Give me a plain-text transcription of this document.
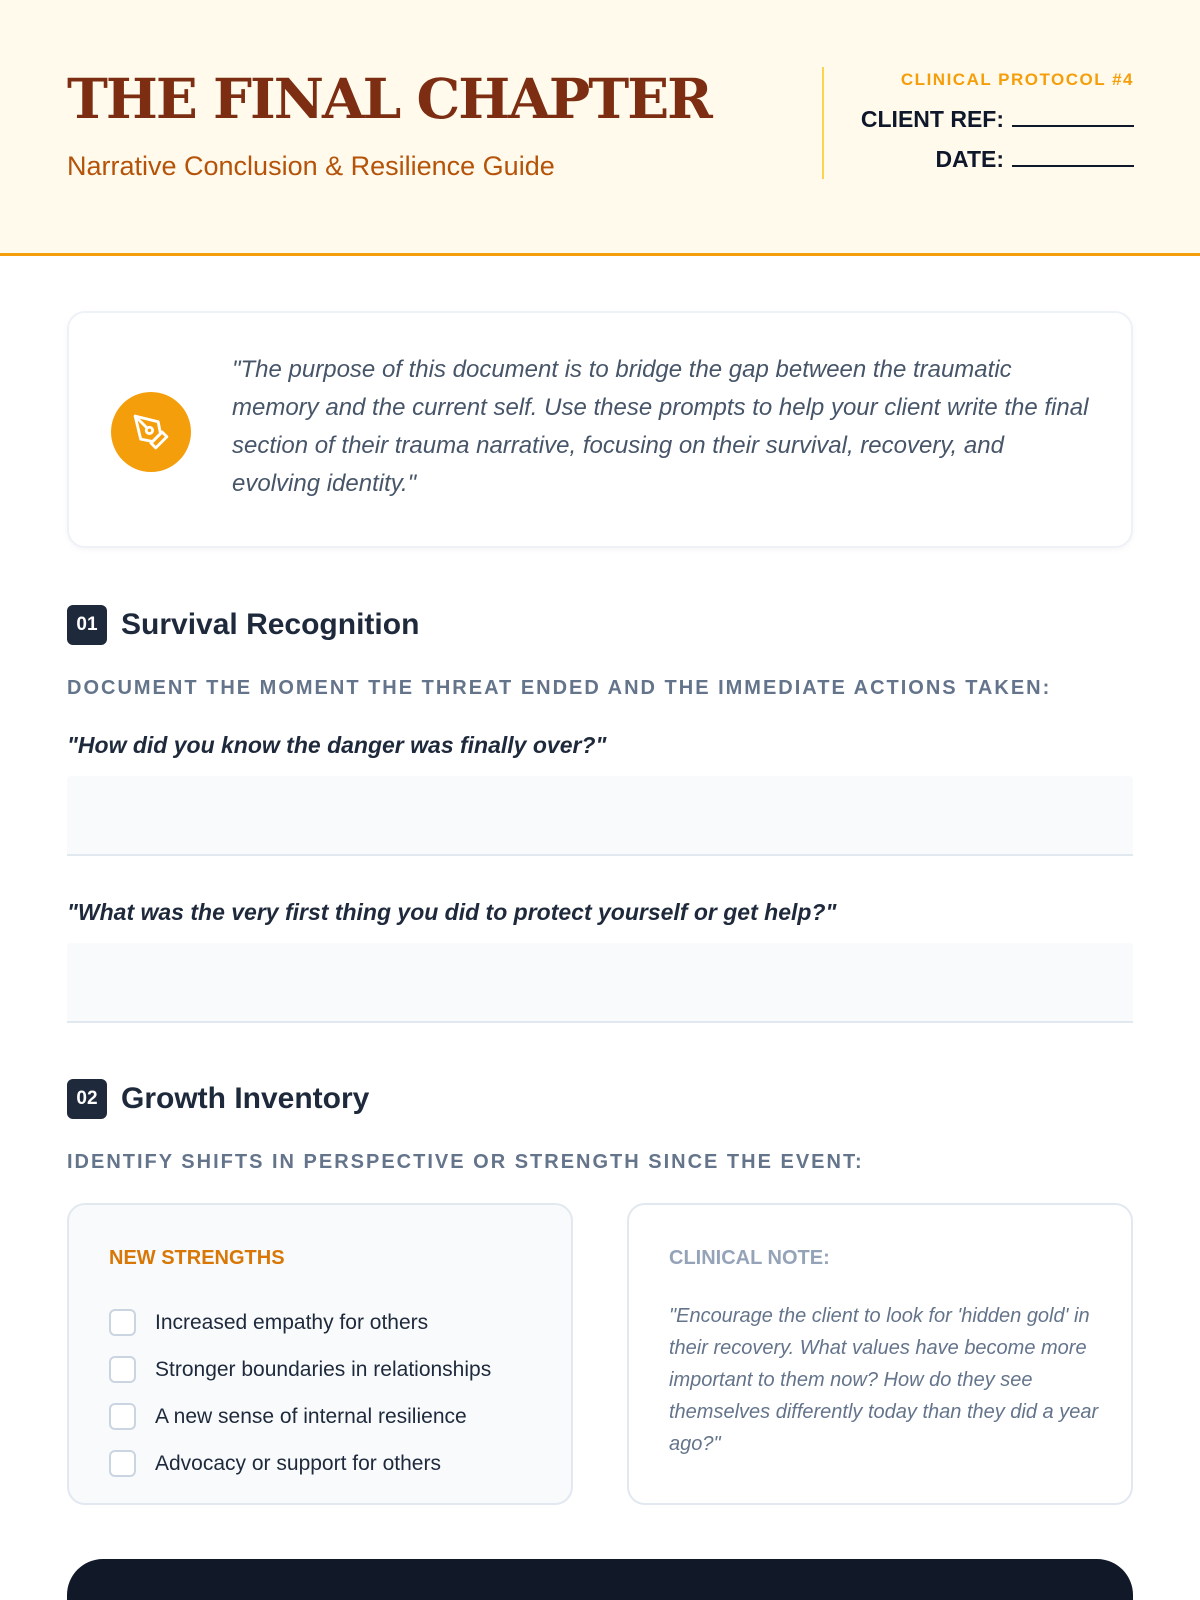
THE FINAL CHAPTER
Narrative Conclusion & Resilience Guide
CLINICAL PROTOCOL #4
CLIENT REF:
DATE:
"The purpose of this document is to bridge the gap between the traumatic memory and the current self. Use these prompts to help your client write the final section of their trauma narrative, focusing on their survival, recovery, and evolving identity."
01 Survival Recognition
DOCUMENT THE MOMENT THE THREAT ENDED AND THE IMMEDIATE ACTIONS TAKEN:
"How did you know the danger was finally over?"
"What was the very first thing you did to protect yourself or get help?"
02 Growth Inventory
IDENTIFY SHIFTS IN PERSPECTIVE OR STRENGTH SINCE THE EVENT:
NEW STRENGTHS
Increased empathy for others
Stronger boundaries in relationships
A new sense of internal resilience
Advocacy or support for others
CLINICAL NOTE:
"Encourage the client to look for 'hidden gold' in their recovery. What values have become more important to them now? How do they see themselves differently today than they did a year ago?"
